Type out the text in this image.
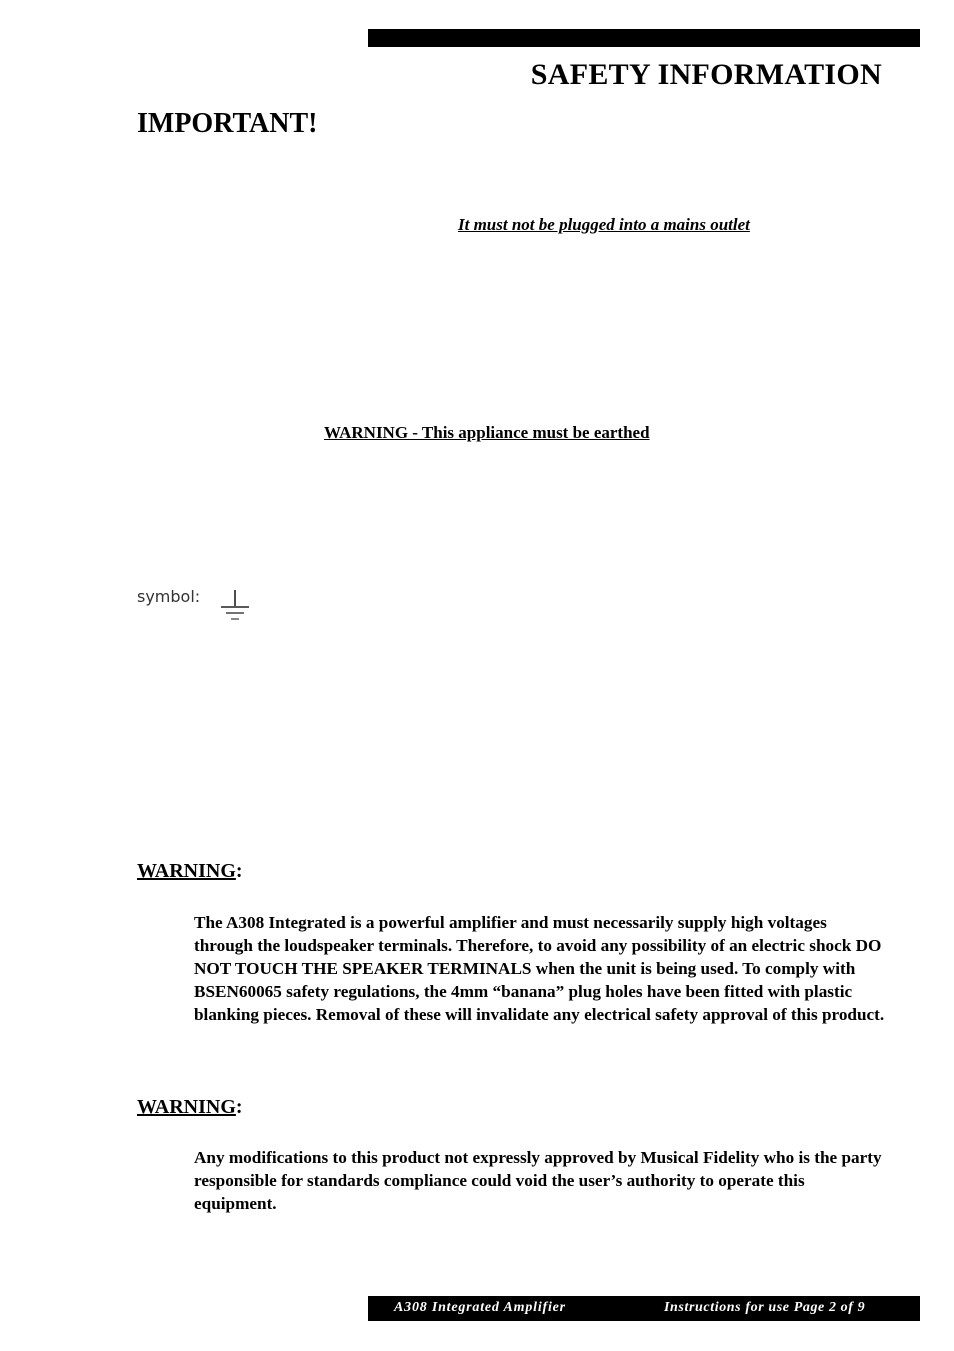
SAFETY INFORMATION
IMPORTANT!
It must not be plugged into a mains outlet
WARNING - This appliance must be earthed
symbol:
WARNING:

The A308 Integrated is a powerful amplifier and must necessarily supply high voltages through the loudspeaker terminals. Therefore, to avoid any possibility of an electric shock DO NOT TOUCH THE SPEAKER TERMINALS when the unit is being used. To comply with BSEN60065 safety regulations, the 4mm “banana” plug holes have been fitted with plastic blanking pieces. Removal of these will invalidate any electrical safety approval of this product.

WARNING:

Any modifications to this product not expressly approved by Musical Fidelity who is the party responsible for standards compliance could void the user’s authority to operate this equipment.

A308 Integrated Amplifier	Instructions for use Page 2 of 9
